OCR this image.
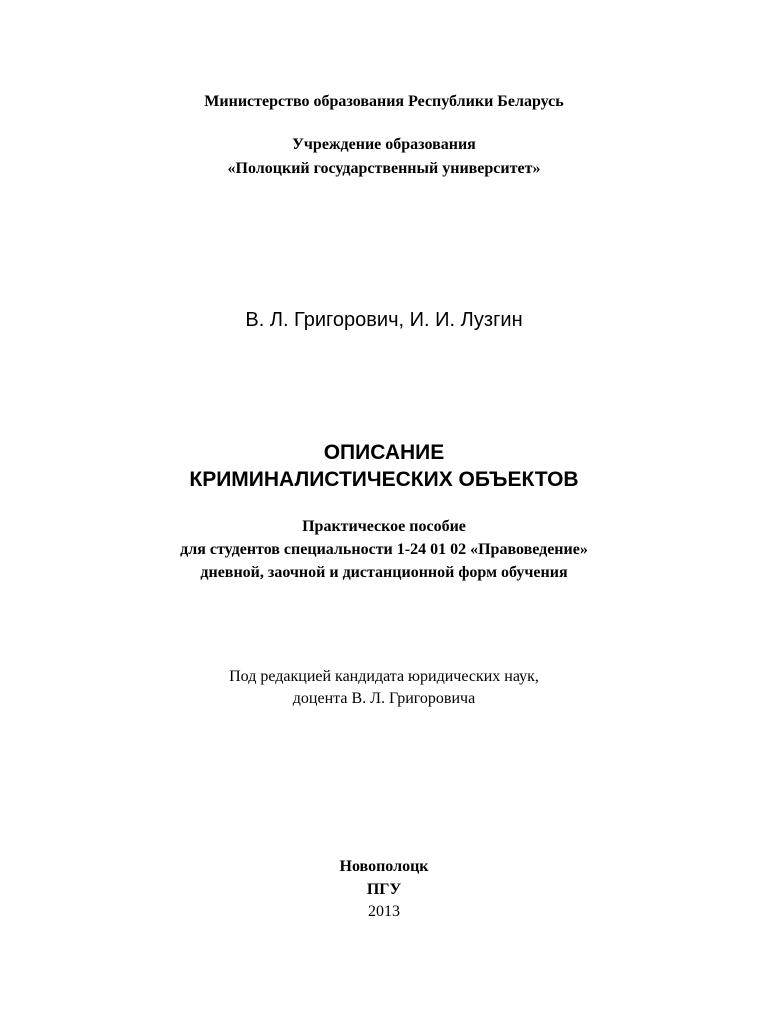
Министерство образования Республики Беларусь

Учреждение образования

«Полоцкий государственный университет»

В. Л. Григорович, И. И. Лузгин

ОПИСАНИЕ

КРИМИНАЛИСТИЧЕСКИХ ОБЪЕКТОВ

Практическое пособие

для студентов специальности 1-24 01 02 «Правоведение»

дневной, заочной и дистанционной форм обучения

Под редакцией кандидата юридических наук,

доцента В. Л. Григоровича

Новополоцк

ПГУ

2013
